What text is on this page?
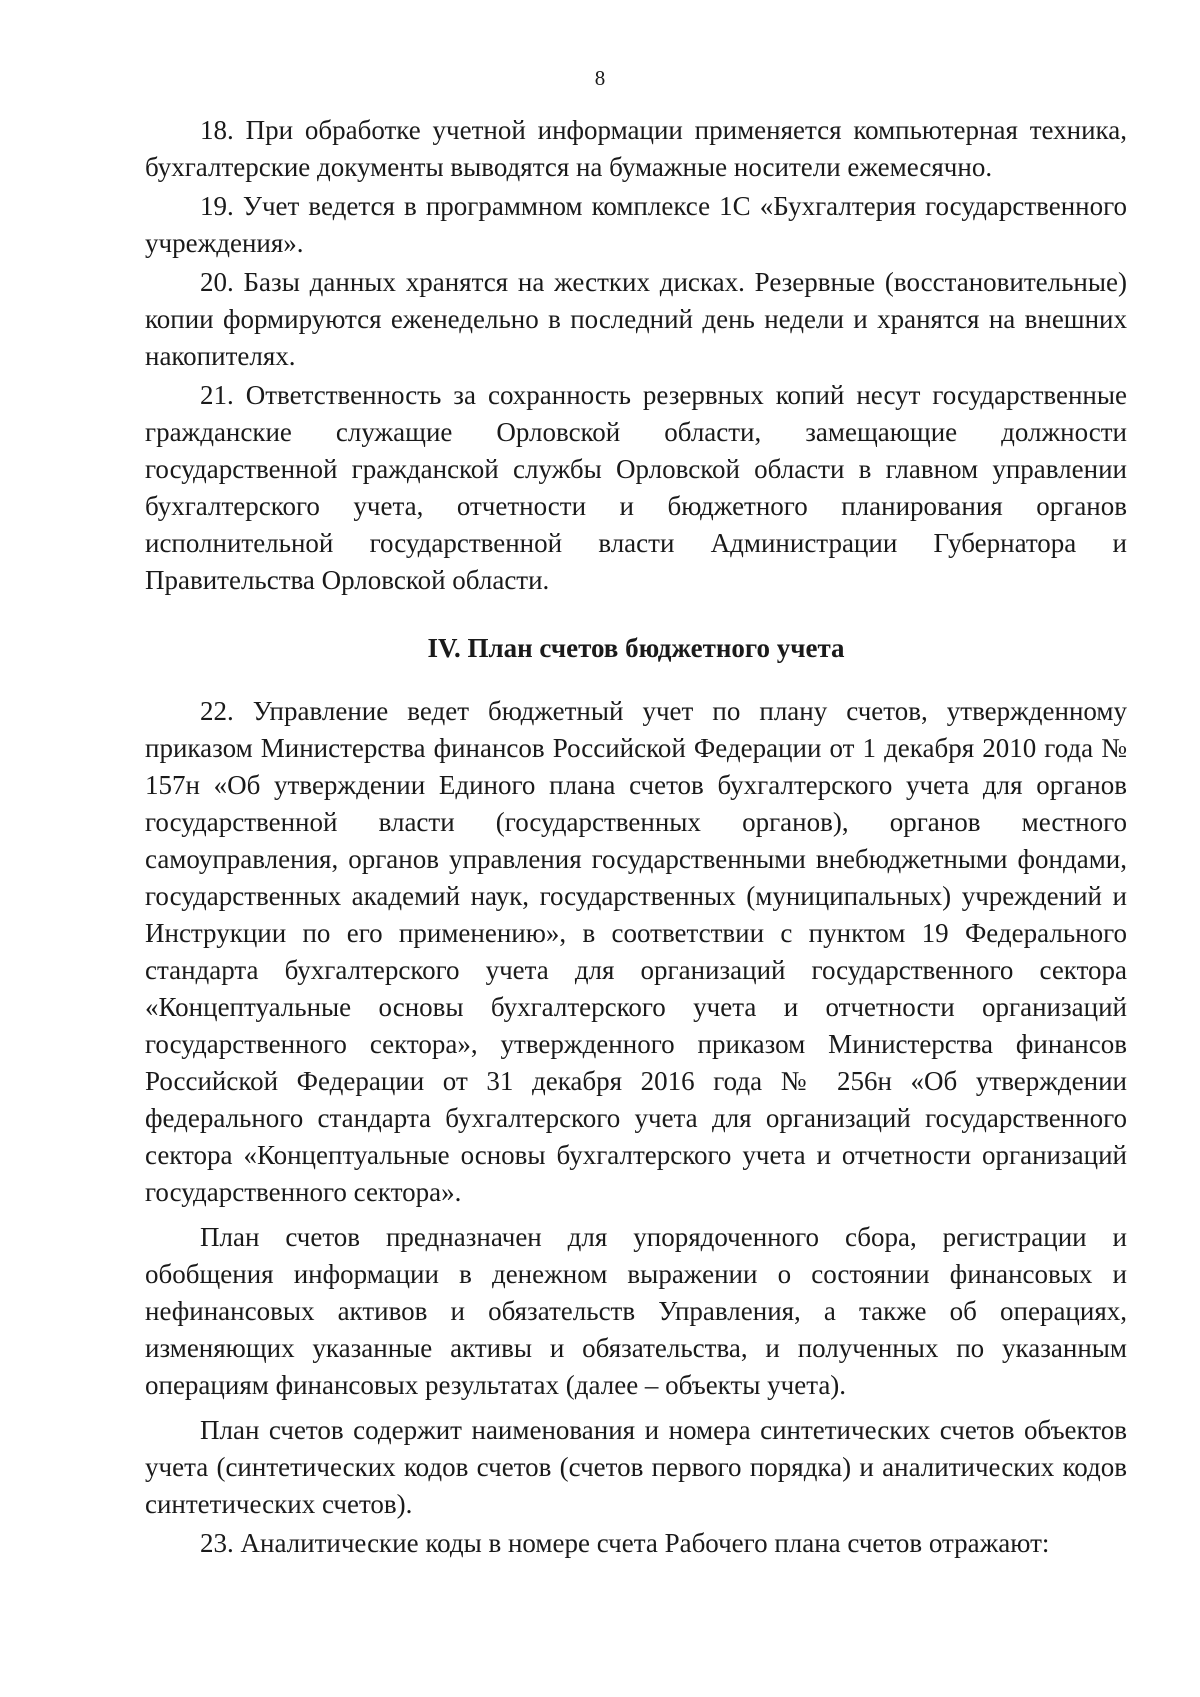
8

18. При обработке учетной информации применяется компьютерная техника, бухгалтерские документы выводятся на бумажные носители ежемесячно.

19. Учет ведется в программном комплексе 1С «Бухгалтерия государственного учреждения».

20. Базы данных хранятся на жестких дисках. Резервные (восстановительные) копии формируются еженедельно в последний день недели и хранятся на внешних накопителях.

21. Ответственность за сохранность резервных копий несут государственные гражданские служащие Орловской области, замещающие должности государственной гражданской службы Орловской области в главном управлении бухгалтерского учета, отчетности и бюджетного планирования органов исполнительной государственной власти Администрации Губернатора и Правительства Орловской области.

IV. План счетов бюджетного учета

22. Управление ведет бюджетный учет по плану счетов, утвержденному приказом Министерства финансов Российской Федерации от 1 декабря 2010 года № 157н «Об утверждении Единого плана счетов бухгалтерского учета для органов государственной власти (государственных органов), органов местного самоуправления, органов управления государственными внебюджетными фондами, государственных академий наук, государственных (муниципальных) учреждений и Инструкции по его применению», в соответствии с пунктом 19 Федерального стандарта бухгалтерского учета для организаций государственного сектора «Концептуальные основы бухгалтерского учета и отчетности организаций государственного сектора», утвержденного приказом Министерства финансов Российской Федерации от 31 декабря 2016 года № 256н «Об утверждении федерального стандарта бухгалтерского учета для организаций государственного сектора «Концептуальные основы бухгалтерского учета и отчетности организаций государственного сектора».

План счетов предназначен для упорядоченного сбора, регистрации и обобщения информации в денежном выражении о состоянии финансовых и нефинансовых активов и обязательств Управления, а также об операциях, изменяющих указанные активы и обязательства, и полученных по указанным операциям финансовых результатах (далее – объекты учета).

План счетов содержит наименования и номера синтетических счетов объектов учета (синтетических кодов счетов (счетов первого порядка) и аналитических кодов синтетических счетов).

23. Аналитические коды в номере счета Рабочего плана счетов отражают:
